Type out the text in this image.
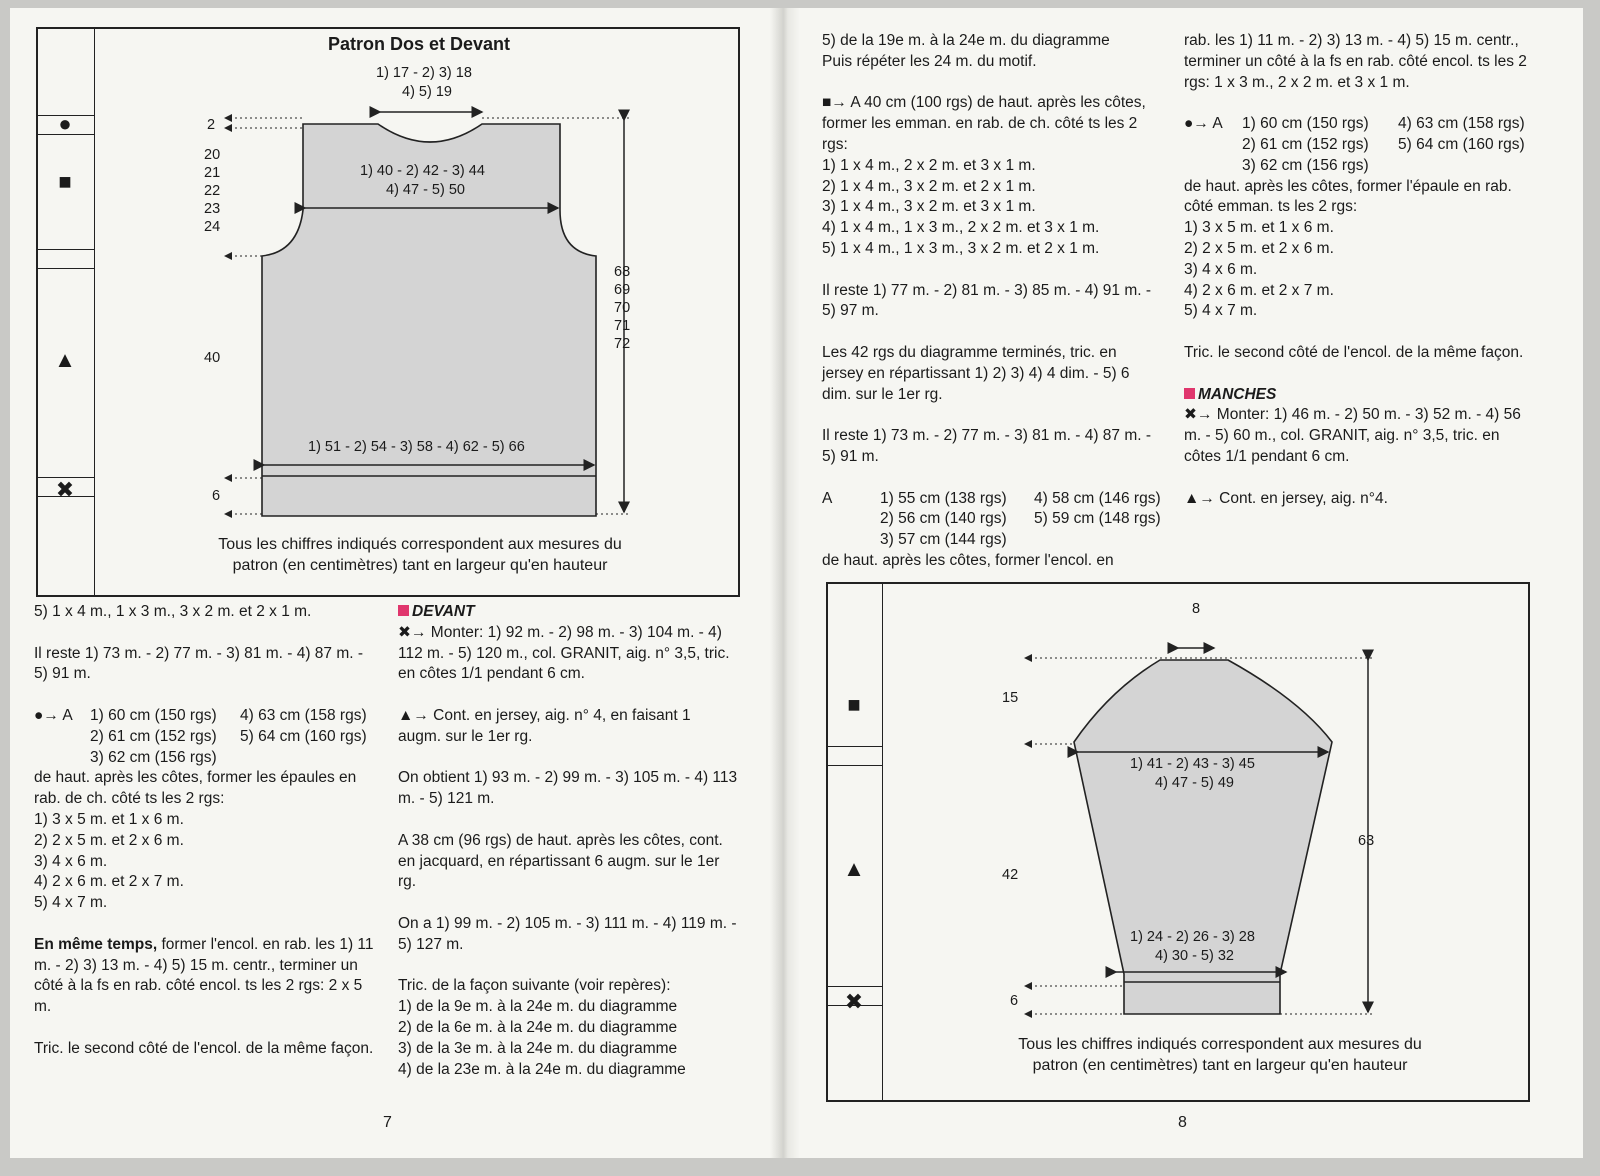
●
■
▲
✖
Patron Dos et Devant
1) 17 - 2) 3) 18
4) 5) 19
2
20
21
22
23
24
1) 40 - 2) 42 - 3) 44
4) 47 - 5) 50
68
69
70
71
72
40
1) 51 - 2) 54 - 3) 58 - 4) 62 - 5) 66
6
Tous les chiffres indiqués correspondent aux mesures du
patron (en centimètres) tant en largeur qu'en hauteur

5) 1 x 4 m., 1 x 3 m., 3 x 2 m. et 2 x 1 m.

Il reste 1) 73 m. - 2) 77 m. - 3) 81 m. - 4) 87 m. - 5) 91 m.

●→ A	1) 60 cm (150 rgs)	4) 63 cm (158 rgs)
2) 61 cm (152 rgs)	5) 64 cm (160 rgs)
3) 62 cm (156 rgs)
de haut. après les côtes, former les épaules en rab. de ch. côté ts les 2 rgs:
1) 3 x 5 m. et 1 x 6 m.
2) 2 x 5 m. et 2 x 6 m.
3) 4 x 6 m.
4) 2 x 6 m. et 2 x 7 m.

5) 4 x 7 m.

En même temps, former l'encol. en rab. les 1) 11 m. - 2) 3) 13 m. - 4) 5) 15 m. centr., terminer un côté à la fs en rab. côté encol. ts les 2 rgs: 2 x 5 m.

Tric. le second côté de l'encol. de la même façon.

DEVANT

✖→ Monter: 1) 92 m. - 2) 98 m. - 3) 104 m. - 4) 112 m. - 5) 120 m., col. GRANIT, aig. n° 3,5, tric. en côtes 1/1 pendant 6 cm.

▲→ Cont. en jersey, aig. n° 4, en faisant 1 augm. sur le 1er rg.

On obtient 1) 93 m. - 2) 99 m. - 3) 105 m. - 4) 113 m. - 5) 121 m.

A 38 cm (96 rgs) de haut. après les côtes, cont. en jacquard, en répartissant 6 augm. sur le 1er rg.

On a 1) 99 m. - 2) 105 m. - 3) 111 m. - 4) 119 m. - 5) 127 m.

Tric. de la façon suivante (voir repères):
1) de la 9e m. à la 24e m. du diagramme
2) de la 6e m. à la 24e m. du diagramme
3) de la 3e m. à la 24e m. du diagramme
4) de la 23e m. à la 24e m. du diagramme
7
5) de la 19e m. à la 24e m. du diagramme

Puis répéter les 24 m. du motif.

■→ A 40 cm (100 rgs) de haut. après les côtes, former les emman. en rab. de ch. côté ts les 2 rgs:
1) 1 x 4 m., 2 x 2 m. et 3 x 1 m.
2) 1 x 4 m., 3 x 2 m. et 2 x 1 m.
3) 1 x 4 m., 3 x 2 m. et 3 x 1 m.
4) 1 x 4 m., 1 x 3 m., 2 x 2 m. et 3 x 1 m.

5) 1 x 4 m., 1 x 3 m., 3 x 2 m. et 2 x 1 m.

Il reste 1) 77 m. - 2) 81 m. - 3) 85 m. - 4) 91 m. - 5) 97 m.

Les 42 rgs du diagramme terminés, tric. en jersey en répartissant 1) 2) 3) 4) 4 dim. - 5) 6 dim. sur le 1er rg.

Il reste 1) 73 m. - 2) 77 m. - 3) 81 m. - 4) 87 m. - 5) 91 m.

A	1) 55 cm (138 rgs)	4) 58 cm (146 rgs)
2) 56 cm (140 rgs)	5) 59 cm (148 rgs)
3) 57 cm (144 rgs)
de haut. après les côtes, former l'encol. en

rab. les 1) 11 m. - 2) 3) 13 m. - 4) 5) 15 m. centr., terminer un côté à la fs en rab. côté encol. ts les 2 rgs: 1 x 3 m., 2 x 2 m. et 3 x 1 m.

●→ A	1) 60 cm (150 rgs)	4) 63 cm (158 rgs)
2) 61 cm (152 rgs)	5) 64 cm (160 rgs)
3) 62 cm (156 rgs)
de haut. après les côtes, former l'épaule en rab. côté emman. ts les 2 rgs:
1) 3 x 5 m. et 1 x 6 m.
2) 2 x 5 m. et 2 x 6 m.
3) 4 x 6 m.
4) 2 x 6 m. et 2 x 7 m.

5) 4 x 7 m.

Tric. le second côté de l'encol. de la même façon.

MANCHES

✖→ Monter: 1) 46 m. - 2) 50 m. - 3) 52 m. - 4) 56 m. - 5) 60 m., col. GRANIT, aig. n° 3,5, tric. en côtes 1/1 pendant 6 cm.

▲→ Cont. en jersey, aig. n°4.

■
▲
✖
8
15
1) 41 - 2) 43 - 3) 45
4) 47 - 5) 49
63
42
1) 24 - 2) 26 - 3) 28
4) 30 - 5) 32
6
Tous les chiffres indiqués correspondent aux mesures du
patron (en centimètres) tant en largeur qu'en hauteur
8
